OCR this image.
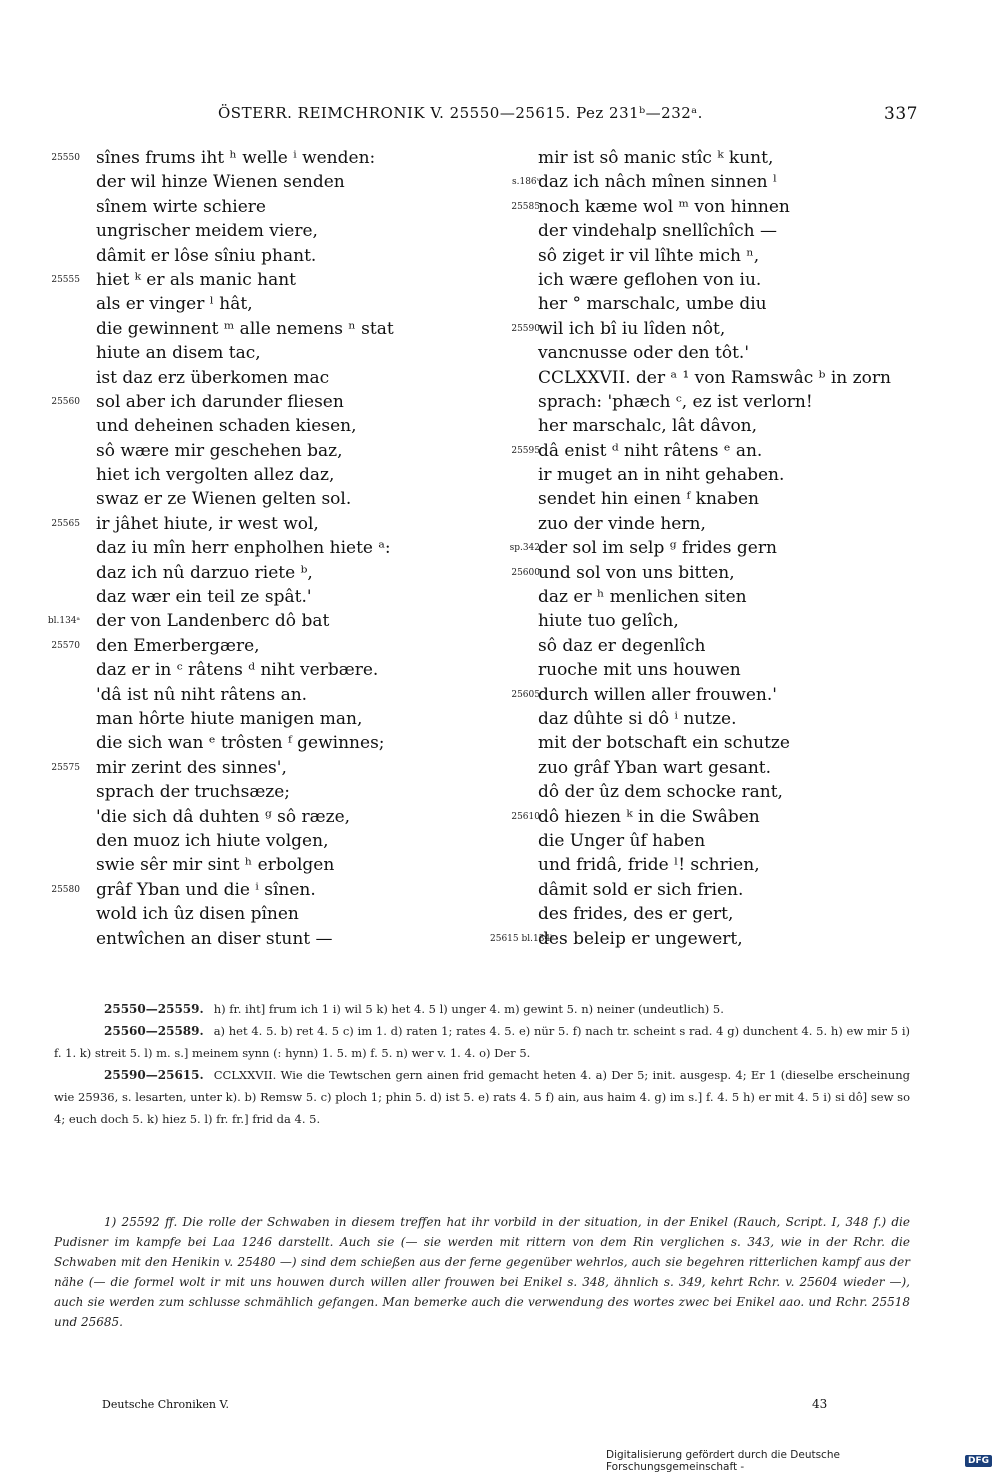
ÖSTERR. REIMCHRONIK V. 25550—25615. Pez 231ᵇ—232ᵃ.	337
25550 sînes frums iht ʰ welle ⁱ wenden:
der wil hinze Wienen senden
sînem wirte schiere
ungrischer meidem viere,
dâmit er lôse sîniu phant.
25555 hiet ᵏ er als manic hant
als er vinger ˡ hât,
die gewinnent ᵐ alle nemens ⁿ stat
hiute an disem tac,
ist daz erz überkomen mac
25560 sol aber ich darunder fliesen
und deheinen schaden kiesen,
sô wære mir geschehen baz,
hiet ich vergolten allez daz,
swaz er ze Wienen gelten sol.
25565 ir jâhet hiute, ir west wol,
daz iu mîn herr enpholhen hiete ᵃ:
daz ich nû darzuo riete ᵇ,
daz wær ein teil ze spât.'
bl.134ᵃ der von Landenberc dô bat
25570 den Emerbergære,
daz er in ᶜ râtens ᵈ niht verbære.
'dâ ist nû niht râtens an.
man hôrte hiute manigen man,
die sich wan ᵉ trôsten ᶠ gewinnes;
25575 mir zerint des sinnes',
sprach der truchsæze;
'die sich dâ duhten ᵍ sô ræze,
den muoz ich hiute volgen,
swie sêr mir sint ʰ erbolgen
25580 grâf Yban und die ⁱ sînen.
wold ich ûz disen pînen
entwîchen an diser stunt —
mir ist sô manic stîc ᵏ kunt,
s.186ᵛ
daz ich nâch mînen sinnen ˡ
25585
noch kæme wol ᵐ von hinnen
der vindehalp snellîchîch —
sô ziget ir vil lîhte mich ⁿ,
ich wære geflohen von iu.
her ° marschalc, umbe diu
25590
wil ich bî iu lîden nôt,
vancnusse oder den tôt.'
CCLXXVII. der ᵃ ¹ von Ramswâc ᵇ in zorn
sprach: 'phæch ᶜ, ez ist verlorn!
her marschalc, lât dâvon,
25595
dâ enist ᵈ niht râtens ᵉ an.
ir muget an in niht gehaben.
sendet hin einen ᶠ knaben
zuo der vinde hern,
sp.342
der sol im selp ᵍ frides gern
25600
und sol von uns bitten,
daz er ʰ menlichen siten
hiute tuo gelîch,
sô daz er degenlîch
ruoche mit uns houwen
25605
durch willen aller frouwen.'
daz dûhte si dô ⁱ nutze.
mit der botschaft ein schutze
zuo grâf Yban wart gesant.
dô der ûz dem schocke rant,
25610
dô hiezen ᵏ in die Swâben
die Unger ûf haben
und fridâ, fride ˡ! schrien,
dâmit sold er sich frien.
des frides, des er gert,
25615 bl.134ᵇ
des beleip er ungewert,
25550—25559. h) fr. iht] frum ich 1 i) wil 5 k) het 4. 5 l) unger 4. m) gewint 5. n) neiner (undeutlich) 5.
25560—25589. a) het 4. 5. b) ret 4. 5 c) im 1. d) raten 1; rates 4. 5. e) nür 5. f) nach tr. scheint s rad. 4 g) dunchent 4. 5. h) ew mir 5 i) f. 1. k) streit 5. l) m. s.] meinem synn (: hynn) 1. 5. m) f. 5. n) wer v. 1. 4. o) Der 5.
25590—25615. CCLXXVII. Wie die Tewtschen gern ainen frid gemacht heten 4. a) Der 5; init. ausgesp. 4; Er 1 (dieselbe erscheinung wie 25936, s. lesarten, unter k). b) Remsw 5. c) ploch 1; phin 5. d) ist 5. e) rats 4. 5 f) ain, aus haim 4. g) im s.] f. 4. 5 h) er mit 4. 5 i) si dô] sew so 4; euch doch 5. k) hiez 5. l) fr. fr.] frid da 4. 5.
1) 25592 ff. Die rolle der Schwaben in diesem treffen hat ihr vorbild in der situation, in der Enikel (Rauch, Script. I, 348 f.) die Pudisner im kampfe bei Laa 1246 darstellt. Auch sie (— sie werden mit rittern von dem Rin verglichen s. 343, wie in der Rchr. die Schwaben mit den Henikin v. 25480 —) sind dem schießen aus der ferne gegenüber wehrlos, auch sie begehren ritterlichen kampf aus der nähe (— die formel wolt ir mit uns houwen durch willen aller frouwen bei Enikel s. 348, ähnlich s. 349, kehrt Rchr. v. 25604 wieder —), auch sie werden zum schlusse schmählich gefangen. Man bemerke auch die verwendung des wortes zwec bei Enikel aao. und Rchr. 25518 und 25685.
Deutsche Chroniken V.	43
Digitalisierung gefördert durch die Deutsche Forschungsgemeinschaft -	DFG
